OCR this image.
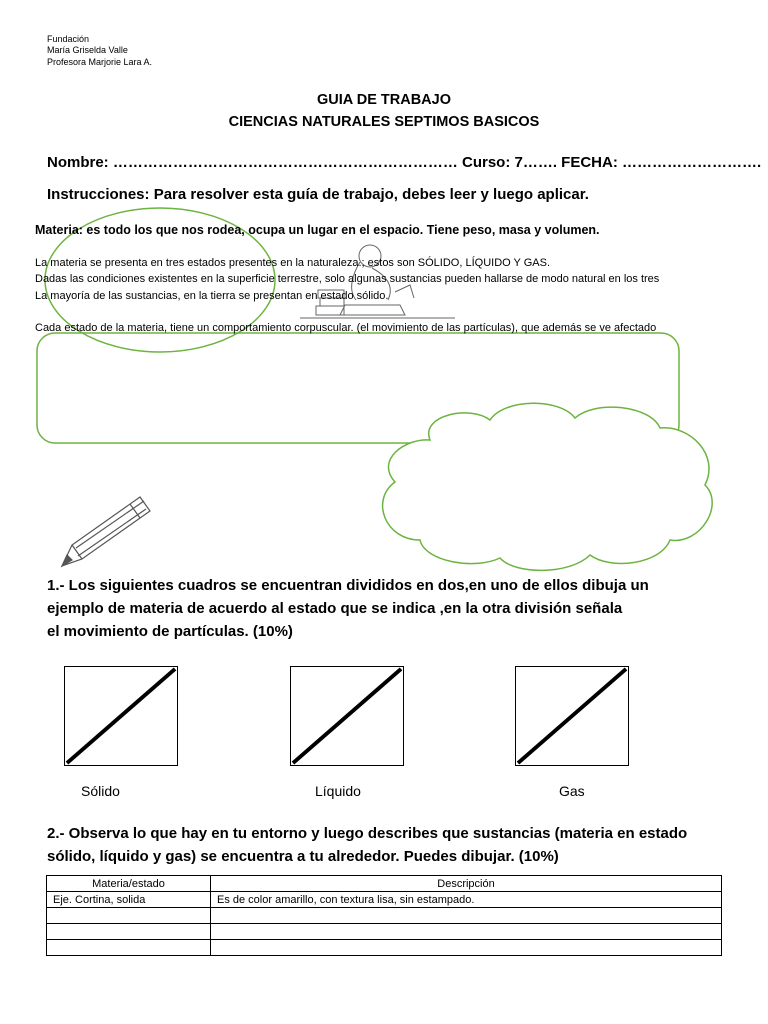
Fundación
María Griselda Valle
Profesora Marjorie Lara A.
GUIA DE TRABAJO
CIENCIAS NATURALES SEPTIMOS BASICOS
Nombre: …………………………………………………………… Curso: 7……. FECHA: ……………………….
Instrucciones: Para resolver esta guía de trabajo, debes leer y luego aplicar.
Materia: es todo los que nos rodea, ocupa un lugar en el espacio. Tiene peso, masa y volumen.
La materia se presenta en tres estados presentes en la naturaleza.; estos son SÓLIDO, LÍQUIDO Y GAS.
Dadas las condiciones existentes en la superficie terrestre, solo algunas sustancias pueden hallarse de modo natural en los tres
La mayoría de las sustancias, en la tierra se presentan en estado sólido.
Cada estado de la materia, tiene un comportamiento corpuscular. (el movimiento de las partículas), que además se ve afectado
1.- Los siguientes cuadros se encuentran divididos en dos,en uno de ellos dibuja un
ejemplo de materia de acuerdo al estado que se indica ,en la otra división señala
el movimiento de partículas. (10%)
Sólido	Líquido	Gas
2.- Observa lo que hay en tu entorno y luego describes que sustancias (materia en estado
sólido, líquido y gas) se encuentra a tu alrededor. Puedes dibujar. (10%)
Materia/estado	Descripción
Eje. Cortina, solida	Es de color amarillo, con textura lisa, sin estampado.
